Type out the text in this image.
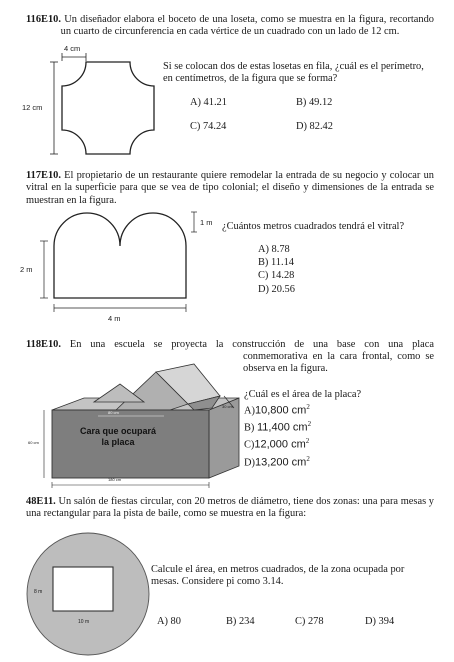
116E10. Un diseñador elabora el boceto de una loseta, como se muestra en la figura, recortando un cuarto de circunferencia en cada vértice de un cuadrado con un lado de 12 cm.

4 cm
12 cm
Si se colocan dos de estas losetas en fila, ¿cuál es el perímetro, en centímetros, de la figura que se forma?
A) 41.21	B) 49.12
C) 74.24	D) 82.42

117E10. El propietario de un restaurante quiere remodelar la entrada de su negocio y colocar un vitral en la superficie para que se vea de tipo colonial; el diseño y dimensiones de la entrada se muestran en la figura.

1 m
2 m
4 m
¿Cuántos metros cuadrados tendrá el vitral?
A) 8.78
B) 11.14
C) 14.28
D) 20.56
118E10. En una escuela se proyecta la construcción de una base con una placa
conmemorativa en la cara frontal, como se observa en la figura.
30 cm
80 cm
60 cm
180 cm
Cara que ocupará
la placa
¿Cuál es el área de la placa?
A)10,800 $cm^2$
B) 11,400 $cm^2$
C)12,000 $cm^2$
D)13,200 $cm^2$

48E11. Un salón de fiestas circular, con 20 metros de diámetro, tiene dos zonas: una para mesas y una rectangular para la pista de baile, como se muestra en la figura:

8 m
10 m
Calcule el área, en metros cuadrados, de la zona ocupada por mesas. Considere pi como 3.14.
A) 80	B) 234	C) 278	D) 394
